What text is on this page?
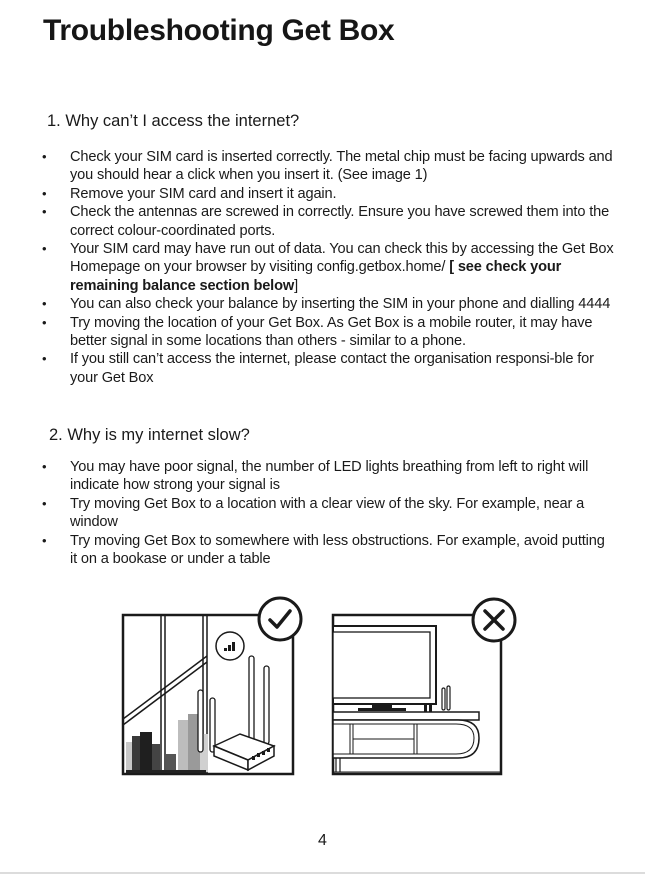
Troubleshooting Get Box
1. Why can’t I access the internet?
• Check your SIM card is inserted correctly. The metal chip must be facing upwards and you should hear a click when you insert it. (See image 1)
• Remove your SIM card and insert it again.
• Check the antennas are screwed in correctly. Ensure you have screwed them into the correct colour-coordinated ports.
• Your SIM card may have run out of data. You can check this by accessing the Get Box Homepage on your browser by visiting config.getbox.home/ [ see check your remaining balance section below]
• You can also check your balance by inserting the SIM in your phone and dialling 4444
• Try moving the location of your Get Box. As Get Box is a mobile router, it may have better signal in some locations than others - similar to a phone.
• If you still can’t access the internet, please contact the organisation responsi-ble for your Get Box
2. Why is my internet slow?
• You may have poor signal, the number of LED lights breathing from left to right will indicate how strong your signal is
• Try moving Get Box to a location with a clear view of the sky. For example, near a window
• Try moving Get Box to somewhere with less obstructions. For example, avoid putting it on a bookase or under a table
4
